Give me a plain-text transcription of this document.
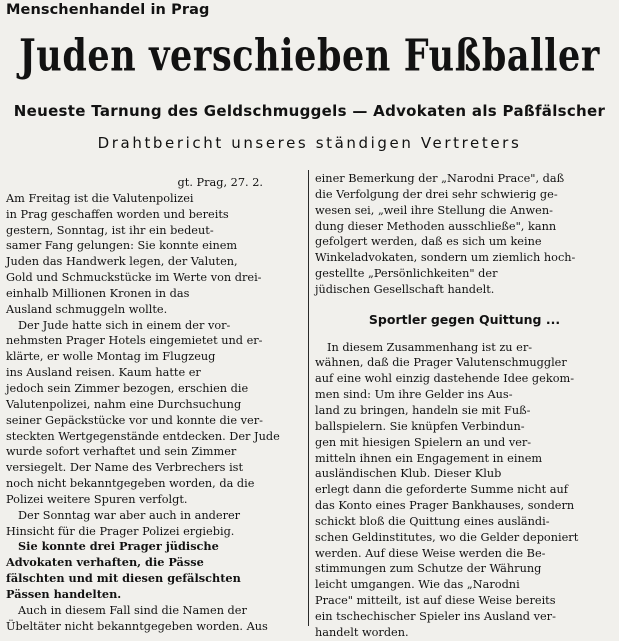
Menschenhandel in Prag
Juden verschieben Fußballer
Neueste Tarnung des Geldschmuggels — Advokaten als Paßfälscher
Drahtbericht unseres ständigen Vertreters
gt. Prag, 27. 2.
Am Freitag ist die Valutenpolizei
in Prag geschaffen worden und bereits
gestern, Sonntag, ist ihr ein bedeut-
samer Fang gelungen: Sie konnte einem
Juden das Handwerk legen, der Valuten,
Gold und Schmuckstücke im Werte von drei-
einhalb Millionen Kronen in das
Ausland schmuggeln wollte.
Der Jude hatte sich in einem der vor-
nehmsten Prager Hotels eingemietet und er-
klärte, er wolle Montag im Flugzeug
ins Ausland reisen. Kaum hatte er
jedoch sein Zimmer bezogen, erschien die
Valutenpolizei, nahm eine Durchsuchung
seiner Gepäckstücke vor und konnte die ver-
steckten Wertgegenstände entdecken. Der Jude
wurde sofort verhaftet und sein Zimmer
versiegelt. Der Name des Verbrechers ist
noch nicht bekanntgegeben worden, da die
Polizei weitere Spuren verfolgt.
Der Sonntag war aber auch in anderer
Hinsicht für die Prager Polizei ergiebig.
Sie konnte drei Prager jüdische
Advokaten verhaften, die Pässe
fälschten und mit diesen gefälschten
Pässen handelten.
Auch in diesem Fall sind die Namen der
Übeltäter nicht bekanntgegeben worden. Aus
einer Bemerkung der „Narodni Prace", daß
die Verfolgung der drei sehr schwierig ge-
wesen sei, „weil ihre Stellung die Anwen-
dung dieser Methoden ausschließe", kann
gefolgert werden, daß es sich um keine
Winkeladvokaten, sondern um ziemlich hoch-
gestellte „Persönlichkeiten" der
jüdischen Gesellschaft handelt.
Sportler gegen Quittung ...
In diesem Zusammenhang ist zu er-
wähnen, daß die Prager Valutenschmuggler
auf eine wohl einzig dastehende Idee gekom-
men sind: Um ihre Gelder ins Aus-
land zu bringen, handeln sie mit Fuß-
ballspielern. Sie knüpfen Verbindun-
gen mit hiesigen Spielern an und ver-
mitteln ihnen ein Engagement in einem
ausländischen Klub. Dieser Klub
erlegt dann die geforderte Summe nicht auf
das Konto eines Prager Bankhauses, sondern
schickt bloß die Quittung eines ausländi-
schen Geldinstitutes, wo die Gelder deponiert
werden. Auf diese Weise werden die Be-
stimmungen zum Schutze der Währung
leicht umgangen. Wie das „Narodni
Prace" mitteilt, ist auf diese Weise bereits
ein tschechischer Spieler ins Ausland ver-
handelt worden.
